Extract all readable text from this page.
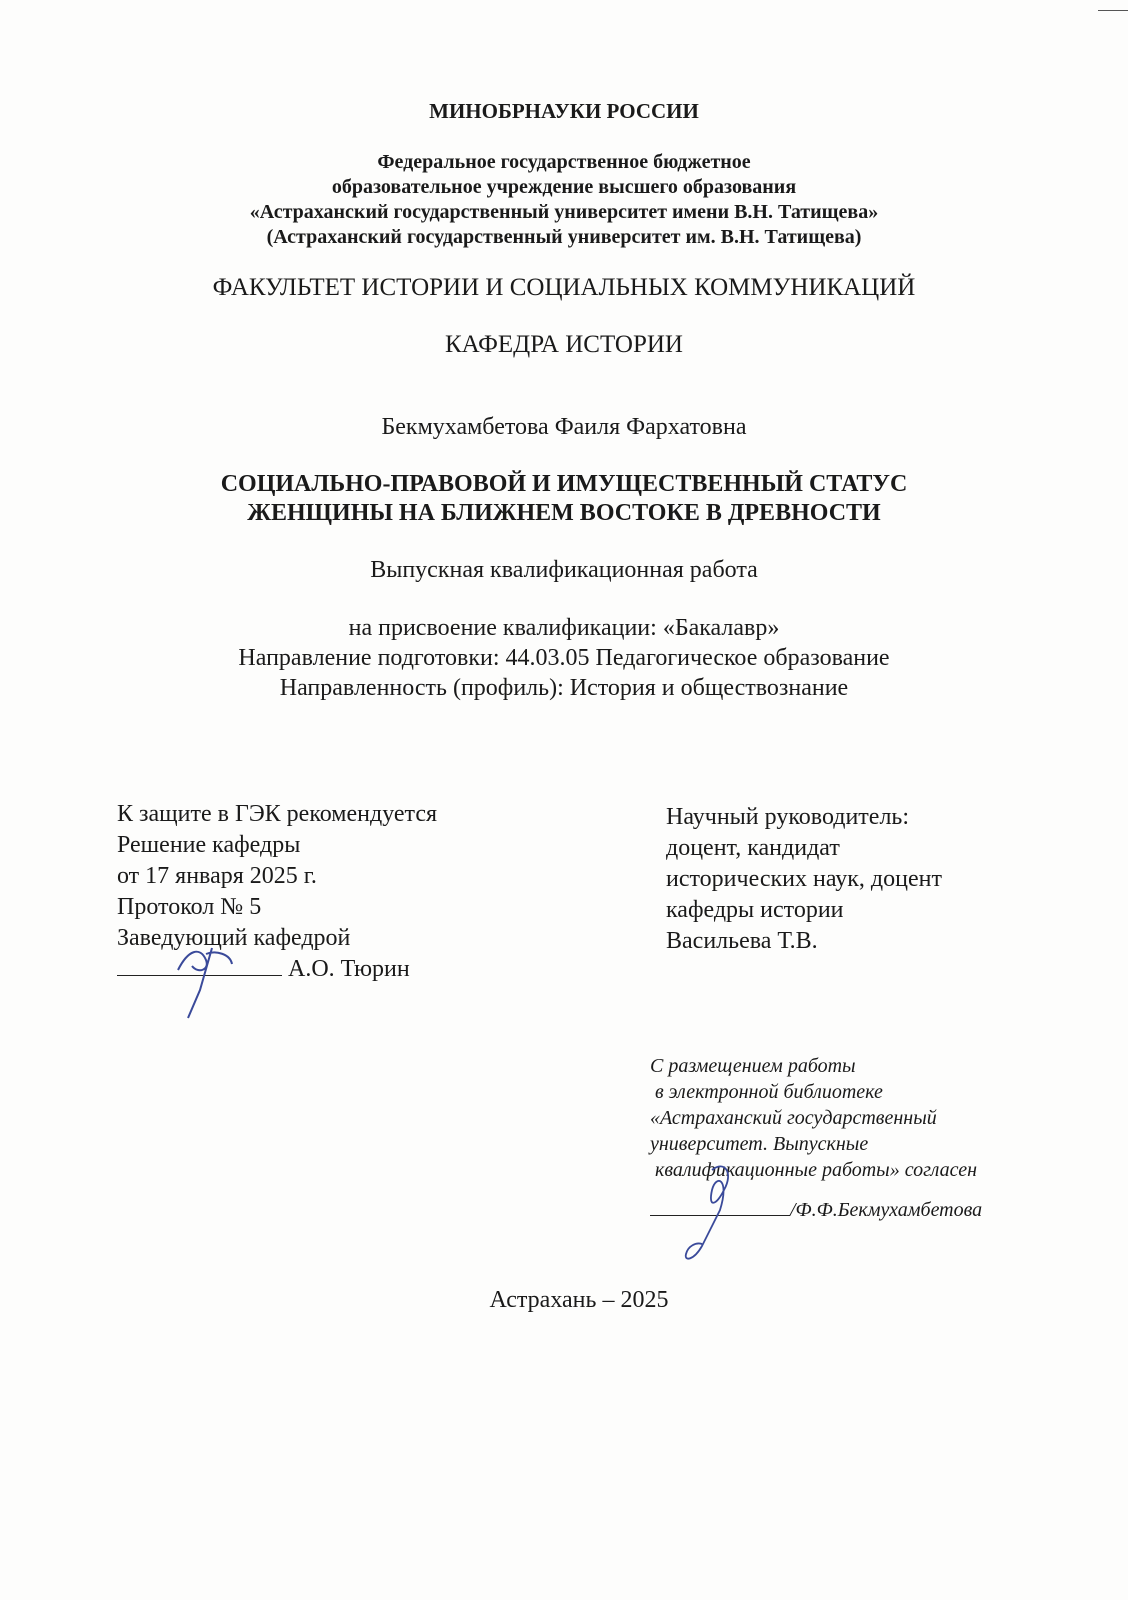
МИНОБРНАУКИ РОССИИ
Федеральное государственное бюджетное
образовательное учреждение высшего образования
«Астраханский государственный университет имени В.Н. Татищева»
(Астраханский государственный университет им. В.Н. Татищева)
ФАКУЛЬТЕТ ИСТОРИИ И СОЦИАЛЬНЫХ КОММУНИКАЦИЙ
КАФЕДРА ИСТОРИИ
Бекмухамбетова Фаиля Фархатовна
СОЦИАЛЬНО-ПРАВОВОЙ И ИМУЩЕСТВЕННЫЙ СТАТУС
ЖЕНЩИНЫ НА БЛИЖНЕМ ВОСТОКЕ В ДРЕВНОСТИ
Выпускная квалификационная работа
на присвоение квалификации: «Бакалавр»
Направление подготовки: 44.03.05 Педагогическое образование
Направленность (профиль): История и обществознание
К защите в ГЭК рекомендуется
Решение кафедры
от 17 января 2025 г.
Протокол № 5
Заведующий кафедрой
А.О. Тюрин
Научный руководитель:
доцент, кандидат
исторических наук, доцент
кафедры истории
Васильева Т.В.
С размещением работы
в электронной библиотеке
«Астраханский государственный
университет. Выпускные
квалификационные работы» согласен
/Ф.Ф.Бекмухамбетова
Астрахань – 2025
